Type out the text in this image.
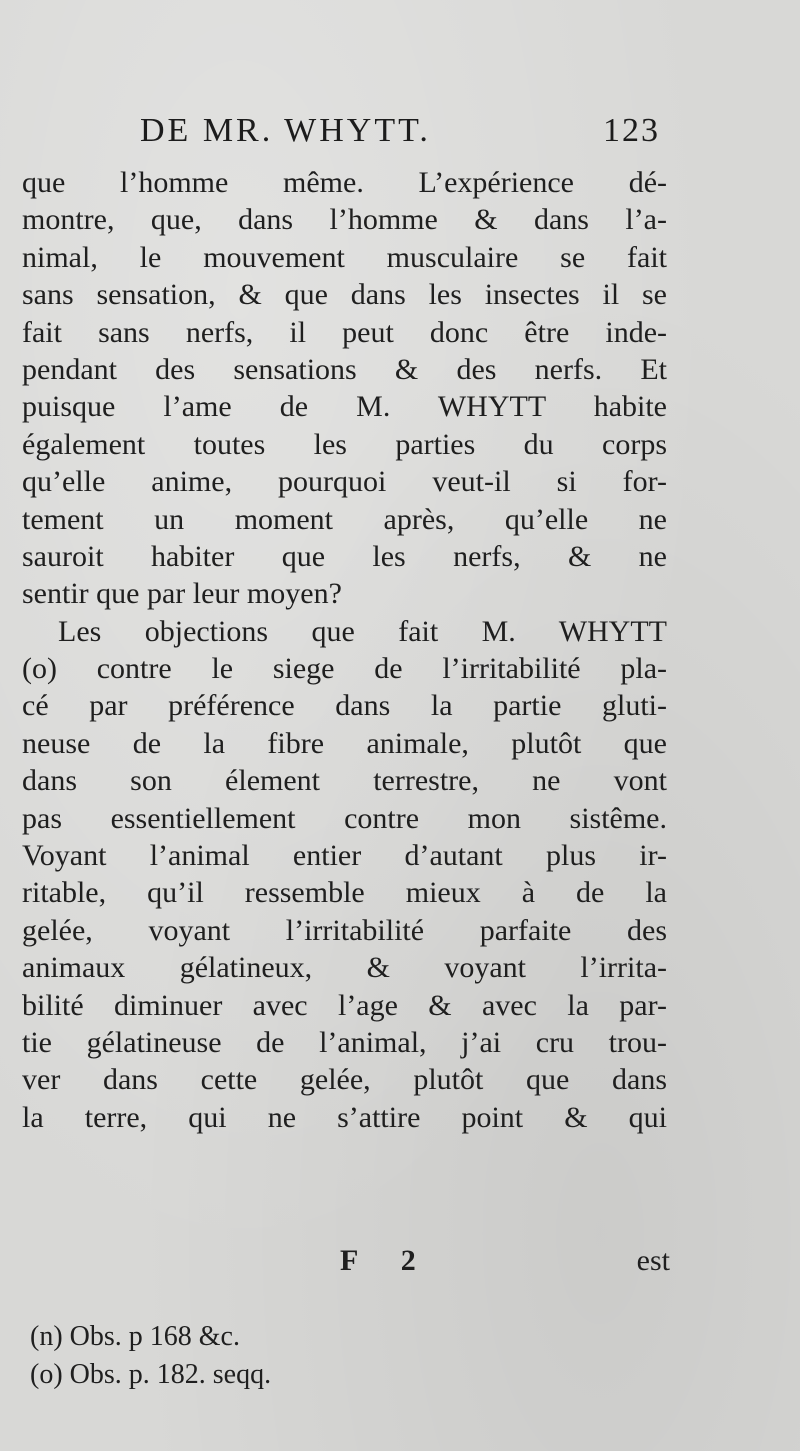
DE MR. WHYTT.	123
que l’homme même. L’expérience dé-
montre, que, dans l’homme & dans l’a-
nimal, le mouvement musculaire se fait
sans sensation, & que dans les insectes il se
fait sans nerfs, il peut donc être inde-
pendant des sensations & des nerfs. Et
puisque l’ame de M. WHYTT habite
également toutes les parties du corps
qu’elle anime, pourquoi veut-il si for-
tement un moment après, qu’elle ne
sauroit habiter que les nerfs, & ne
sentir que par leur moyen?
Les objections que fait M. WHYTT
(o) contre le siege de l’irritabilité pla-
cé par préférence dans la partie gluti-
neuse de la fibre animale, plutôt que
dans son élement terrestre, ne vont
pas essentiellement contre mon sistême.
Voyant l’animal entier d’autant plus ir-
ritable, qu’il ressemble mieux à de la
gelée, voyant l’irritabilité parfaite des
animaux gélatineux, & voyant l’irrita-
bilité diminuer avec l’age & avec la par-
tie gélatineuse de l’animal, j’ai cru trou-
ver dans cette gelée, plutôt que dans
la terre, qui ne s’attire point & qui
F 2	est
(n) Obs. p 168 &c.
(o) Obs. p. 182. seqq.
